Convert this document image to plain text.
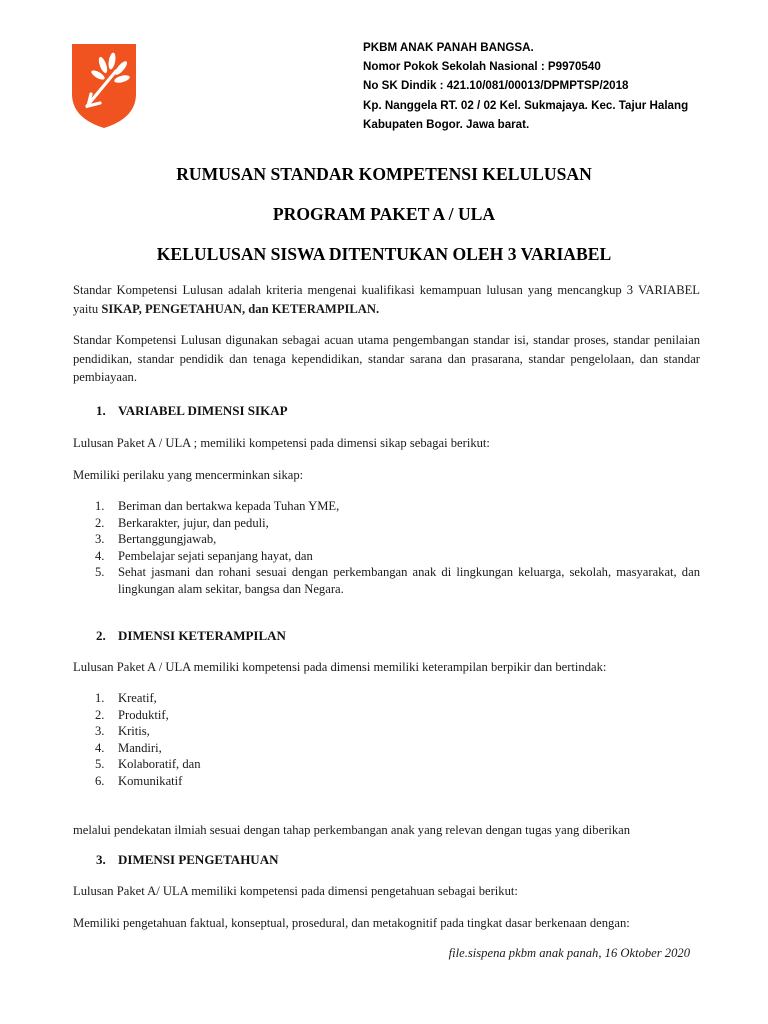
PKBM ANAK PANAH BANGSA.
Nomor Pokok Sekolah Nasional : P9970540
No SK Dindik : 421.10/081/00013/DPMPTSP/2018
Kp. Nanggela RT. 02 / 02 Kel. Sukmajaya. Kec. Tajur Halang
Kabupaten Bogor. Jawa barat.
RUMUSAN STANDAR KOMPETENSI KELULUSAN
PROGRAM PAKET A / ULA
KELULUSAN SISWA DITENTUKAN OLEH 3 VARIABEL
Standar Kompetensi Lulusan adalah kriteria mengenai kualifikasi kemampuan lulusan yang mencangkup 3 VARIABEL yaitu SIKAP, PENGETAHUAN, dan KETERAMPILAN.
Standar Kompetensi Lulusan digunakan sebagai acuan utama pengembangan standar isi, standar proses, standar penilaian pendidikan, standar pendidik dan tenaga kependidikan, standar sarana dan prasarana, standar pengelolaan, dan standar pembiayaan.
1. VARIABEL DIMENSI SIKAP
Lulusan Paket A / ULA ; memiliki kompetensi pada dimensi sikap sebagai berikut:
Memiliki perilaku yang mencerminkan sikap:
1. Beriman dan bertakwa kepada Tuhan YME,
2. Berkarakter, jujur, dan peduli,
3. Bertanggungjawab,
4. Pembelajar sejati sepanjang hayat, dan
5. Sehat jasmani dan rohani sesuai dengan perkembangan anak di lingkungan keluarga, sekolah, masyarakat, dan lingkungan alam sekitar, bangsa dan Negara.
2. DIMENSI KETERAMPILAN
Lulusan Paket A / ULA memiliki kompetensi pada dimensi memiliki keterampilan berpikir dan bertindak:
1. Kreatif,
2. Produktif,
3. Kritis,
4. Mandiri,
5. Kolaboratif, dan
6. Komunikatif
melalui pendekatan ilmiah sesuai dengan tahap perkembangan anak yang relevan dengan tugas yang diberikan
3. DIMENSI PENGETAHUAN
Lulusan Paket A/ ULA memiliki kompetensi pada dimensi pengetahuan sebagai berikut:
Memiliki pengetahuan faktual, konseptual, prosedural, dan metakognitif pada tingkat dasar berkenaan dengan:
file.sispena pkbm anak panah, 16 Oktober 2020
